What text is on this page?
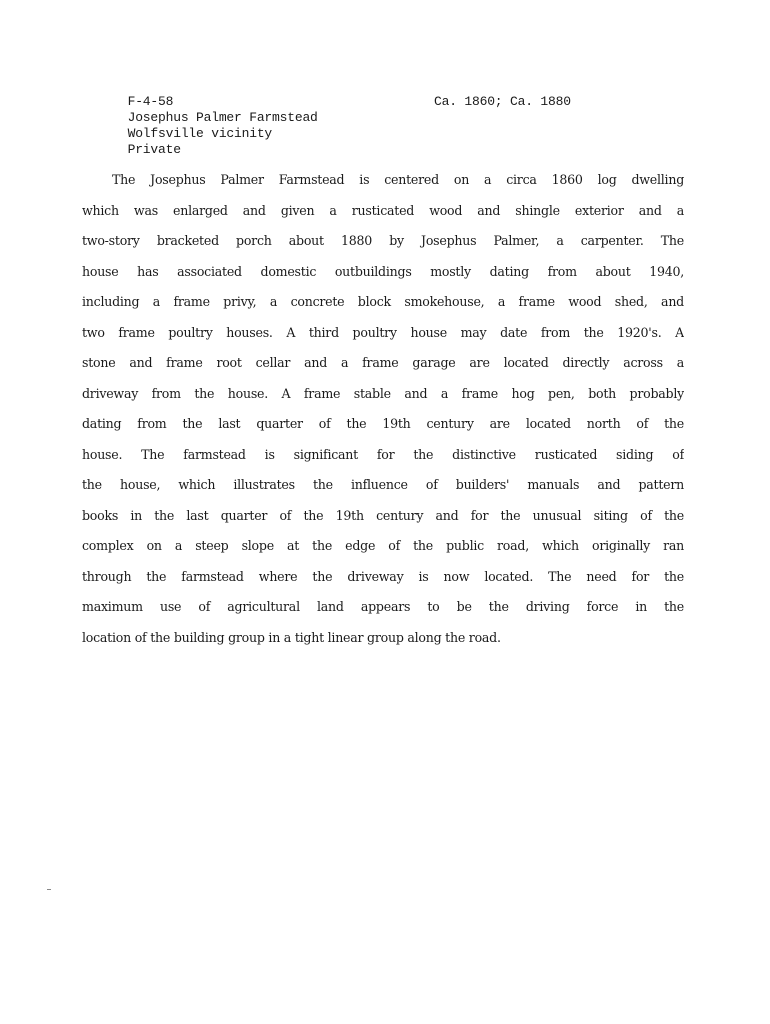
F-4-58

Josephus Palmer Farmstead

Ca. 1860; Ca. 1880

Wolfsville vicinity

Private

The Josephus Palmer Farmstead is centered on a circa 1860 log dwelling
which was enlarged and given a rusticated wood and shingle exterior and a
two-story bracketed porch about 1880 by Josephus Palmer, a carpenter. The
house has associated domestic outbuildings mostly dating from about 1940,
including a frame privy, a concrete block smokehouse, a frame wood shed, and
two frame poultry houses. A third poultry house may date from the 1920's. A
stone and frame root cellar and a frame garage are located directly across a
driveway from the house. A frame stable and a frame hog pen, both probably
dating from the last quarter of the 19th century are located north of the
house. The farmstead is significant for the distinctive rusticated siding of
the house, which illustrates the influence of builders' manuals and pattern
books in the last quarter of the 19th century and for the unusual siting of the
complex on a steep slope at the edge of the public road, which originally ran
through the farmstead where the driveway is now located. The need for the
maximum use of agricultural land appears to be the driving force in the
location of the building group in a tight linear group along the road.
